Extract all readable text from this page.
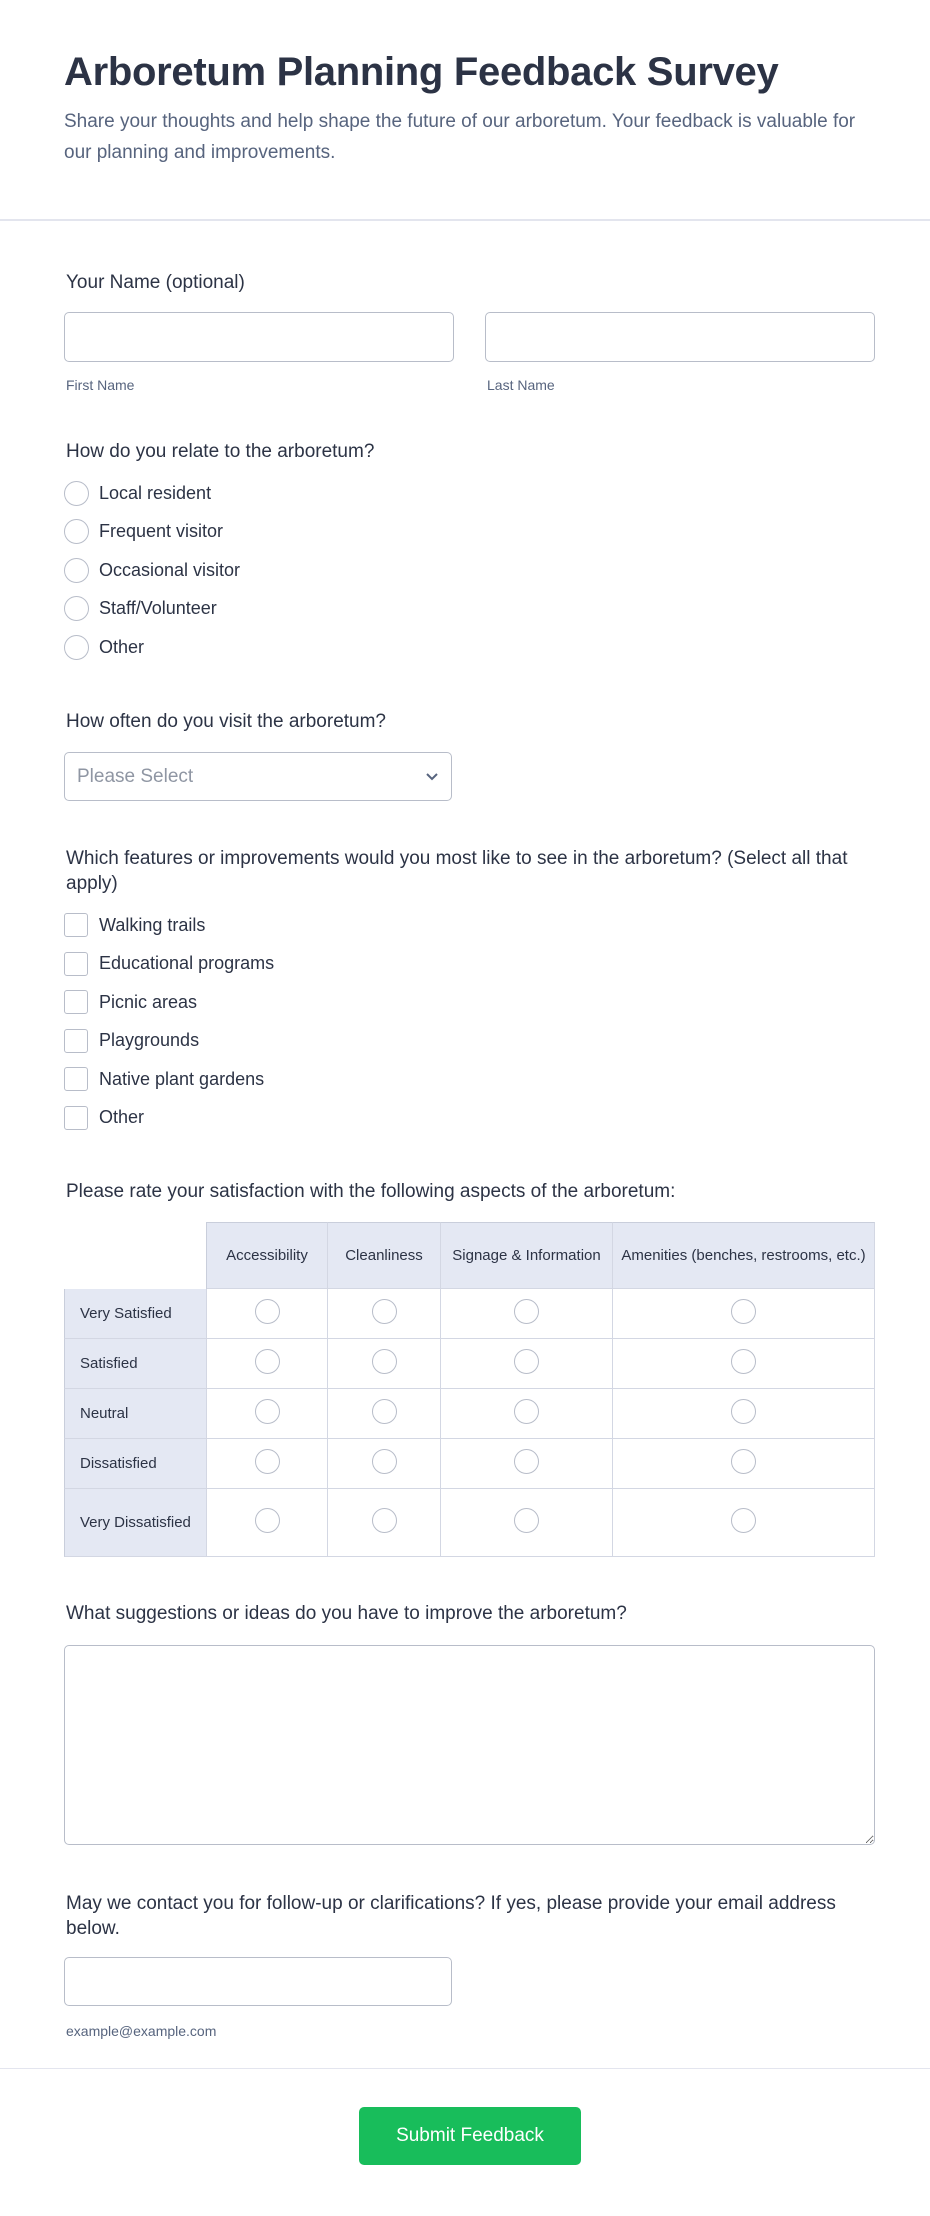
Arboretum Planning Feedback Survey

Share your thoughts and help shape the future of our arboretum. Your feedback is valuable for our planning and improvements.

Your Name (optional)
First Name	Last Name
How do you relate to the arboretum?
Local resident
Frequent visitor
Occasional visitor
Staff/Volunteer
Other
How often do you visit the arboretum?
Please Select
Which features or improvements would you most like to see in the arboretum? (Select all that apply)
Walking trails
Educational programs
Picnic areas
Playgrounds
Native plant gardens
Other
Please rate your satisfaction with the following aspects of the arboretum:
	Accessibility	Cleanliness	Signage & Information	Amenities (benches, restrooms, etc.)
Very Satisfied				
Satisfied				
Neutral				
Dissatisfied				
Very Dissatisfied				
What suggestions or ideas do you have to improve the arboretum?
May we contact you for follow-up or clarifications? If yes, please provide your email address below.
example@example.com
Submit Feedback
